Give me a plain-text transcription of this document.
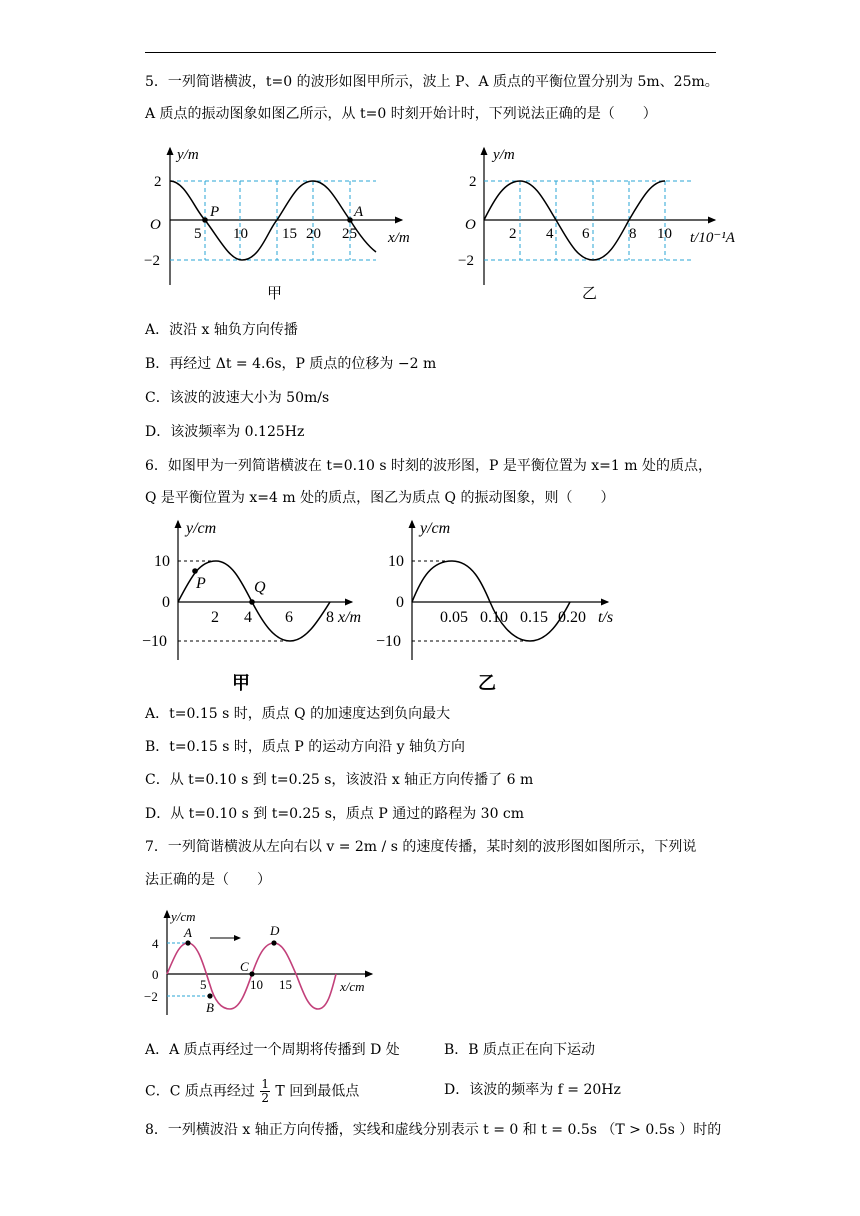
5．一列简谐横波，t=0 的波形如图甲所示，波上 P、A 质点的平衡位置分别为 5m、25m。
A 质点的振动图象如图乙所示，从 t=0 时刻开始计时，下列说法正确的是（　　）
y/m
x/m
O
2
−2
5 10 15 20 25
P	A
甲
y/m
t/10⁻¹A
O
2
−2
2 4 6	8 10
乙
A．波沿 x 轴负方向传播
B．再经过 Δt = 4.6s，P 质点的位移为 −2 m
C．该波的波速大小为 50m/s
D．该波频率为 0.125Hz
6．如图甲为一列简谐横波在 t=0.10 s 时刻的波形图，P 是平衡位置为 x=1 m 处的质点，
Q 是平衡位置为 x=4 m 处的质点，图乙为质点 Q 的振动图象，则（　　）
y/cm
x/m
10
0
−10
2 4 6 8
P	Q
甲
y/cm
t/s
10
0
−10
0.05 0.10 0.15 0.20
乙
A．t=0.15 s 时，质点 Q 的加速度达到负向最大
B．t=0.15 s 时，质点 P 的运动方向沿 y 轴负方向
C．从 t=0.10 s 到 t=0.25 s，该波沿 x 轴正方向传播了 6 m
D．从 t=0.10 s 到 t=0.25 s，质点 P 通过的路程为 30 cm
7．一列简谐横波从左向右以 v = 2m / s 的速度传播，某时刻的波形图如图所示，下列说
法正确的是（　　）
y/cm
x/cm
4
0
−2
5	10 15
A
B
C
D
A．A 质点再经过一个周期将传播到 D 处	B．B 质点正在向下运动
C．C 质点再经过 $\frac{1}{2}$ T 回到最低点	D．该波的频率为 f = 20Hz
8．一列横波沿 x 轴正方向传播，实线和虚线分别表示 t = 0 和 t = 0.5s （T > 0.5s ）时的
